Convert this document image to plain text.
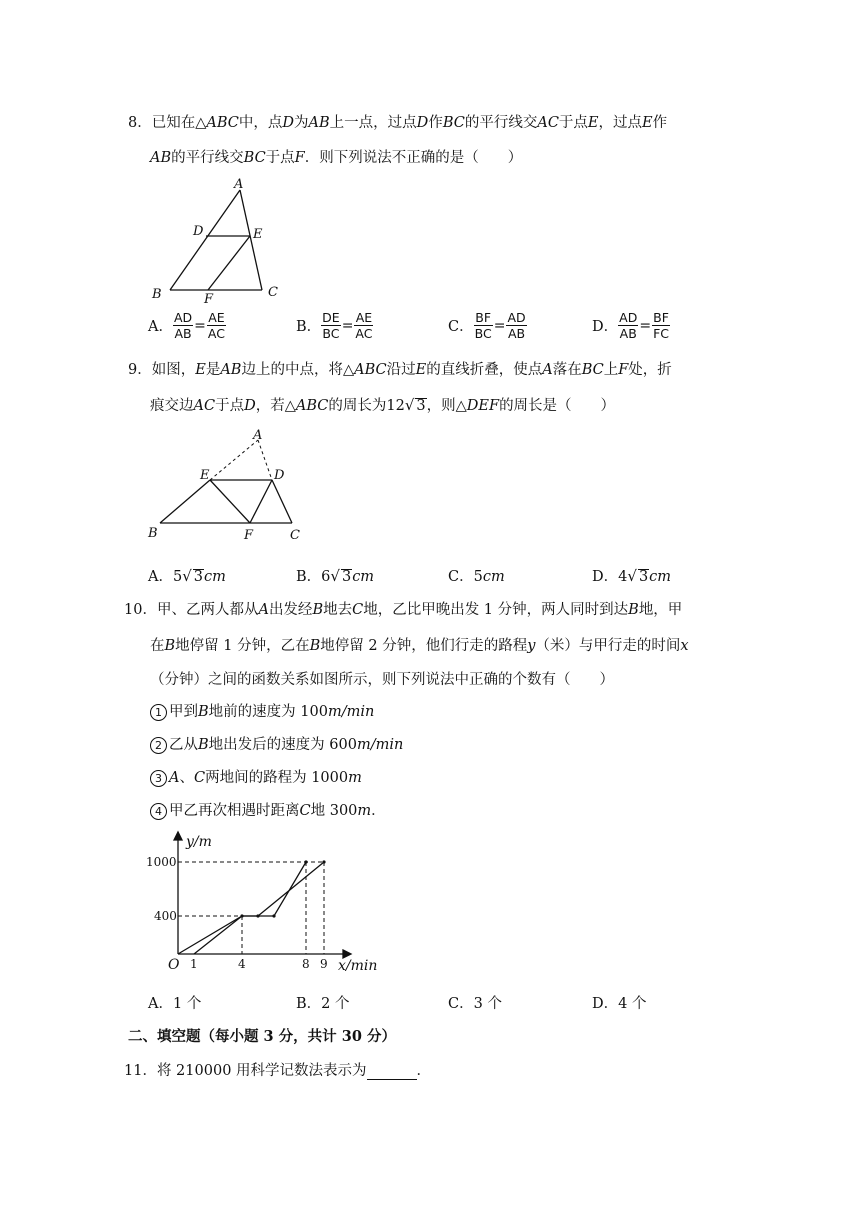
8．已知在△ABC中，点D为AB上一点，过点D作BC的平行线交AC于点E，过点E作
AB的平行线交BC于点F．则下列说法不正确的是（　　）
A
D	E
B	F	C
A． $\frac{AD}{AB} = \frac{AE}{AC}$	B． $\frac{DE}{BC} = \frac{AE}{AC}$	C． $\frac{BF}{BC} = \frac{AD}{AB}$	D． $\frac{AD}{AB} = \frac{BF}{FC}$
9．如图，E是AB边上的中点，将△ABC沿过E的直线折叠，使点A落在BC上F处，折
痕交边AC于点D，若△ABC的周长为12√ 3，则△DEF的周长是（　　）
A
E	D
B	F	C
A．5√ 3cm	B．6√ 3cm	C．5cm	D．4√ 3cm
10．甲、乙两人都从A出发经B地去C地，乙比甲晚出发 1 分钟，两人同时到达B地，甲
在B地停留 1 分钟，乙在B地停留 2 分钟，他们行走的路程y（米）与甲行走的时间x
（分钟）之间的函数关系如图所示，则下列说法中正确的个数有（　　）
1 甲到B地前的速度为 100m/min
2 乙从B地出发后的速度为 600m/min
3 A、C两地间的路程为 1000m
4 甲乙再次相遇时距离C地 300m．
y/m
x/min
O
1000
400
1	4	8 9
A．1 个	B．2 个	C．3 个	D．4 个
二、填空题（每小题 3 分，共计 30 分）
11．将 210000 用科学记数法表示为	．
